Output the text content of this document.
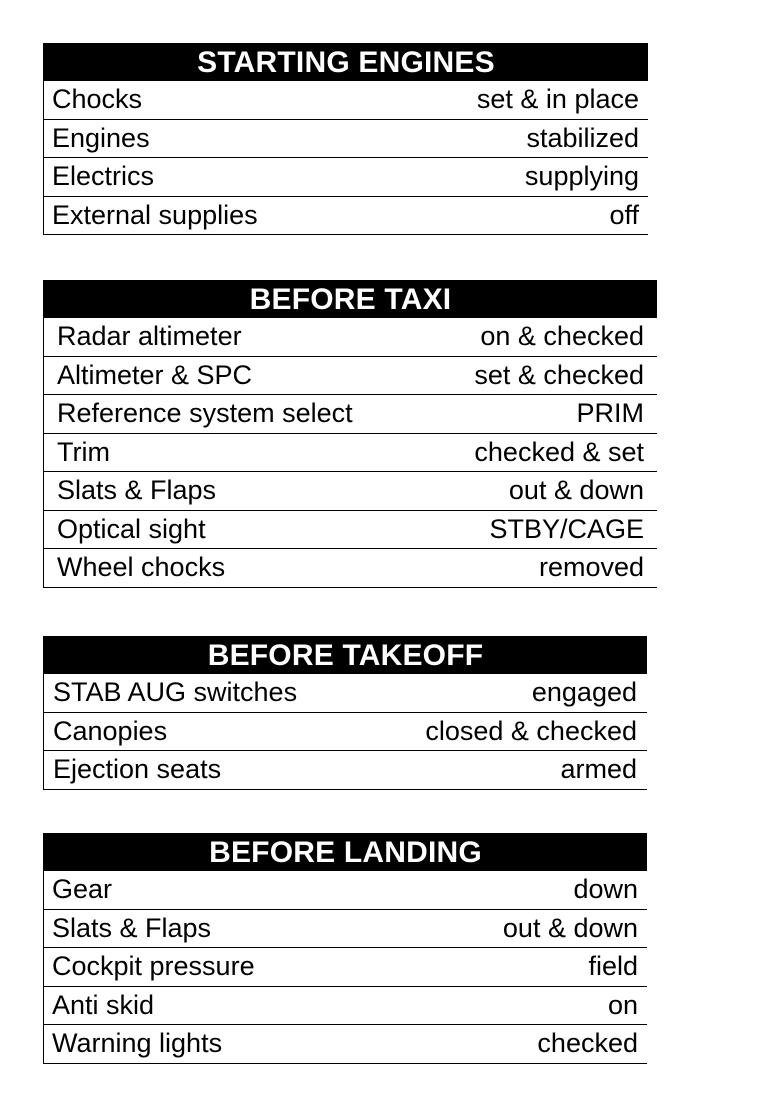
STARTING ENGINES
Chocks	set & in place
Engines	stabilized
Electrics	supplying
External supplies	off
BEFORE TAXI
Radar altimeter	on & checked
Altimeter & SPC	set & checked
Reference system select	PRIM
Trim	checked & set
Slats & Flaps	out & down
Optical sight	STBY/CAGE
Wheel chocks	removed
BEFORE TAKEOFF
STAB AUG switches	engaged
Canopies	closed & checked
Ejection seats	armed
BEFORE LANDING
Gear	down
Slats & Flaps	out & down
Cockpit pressure	field
Anti skid	on
Warning lights	checked
